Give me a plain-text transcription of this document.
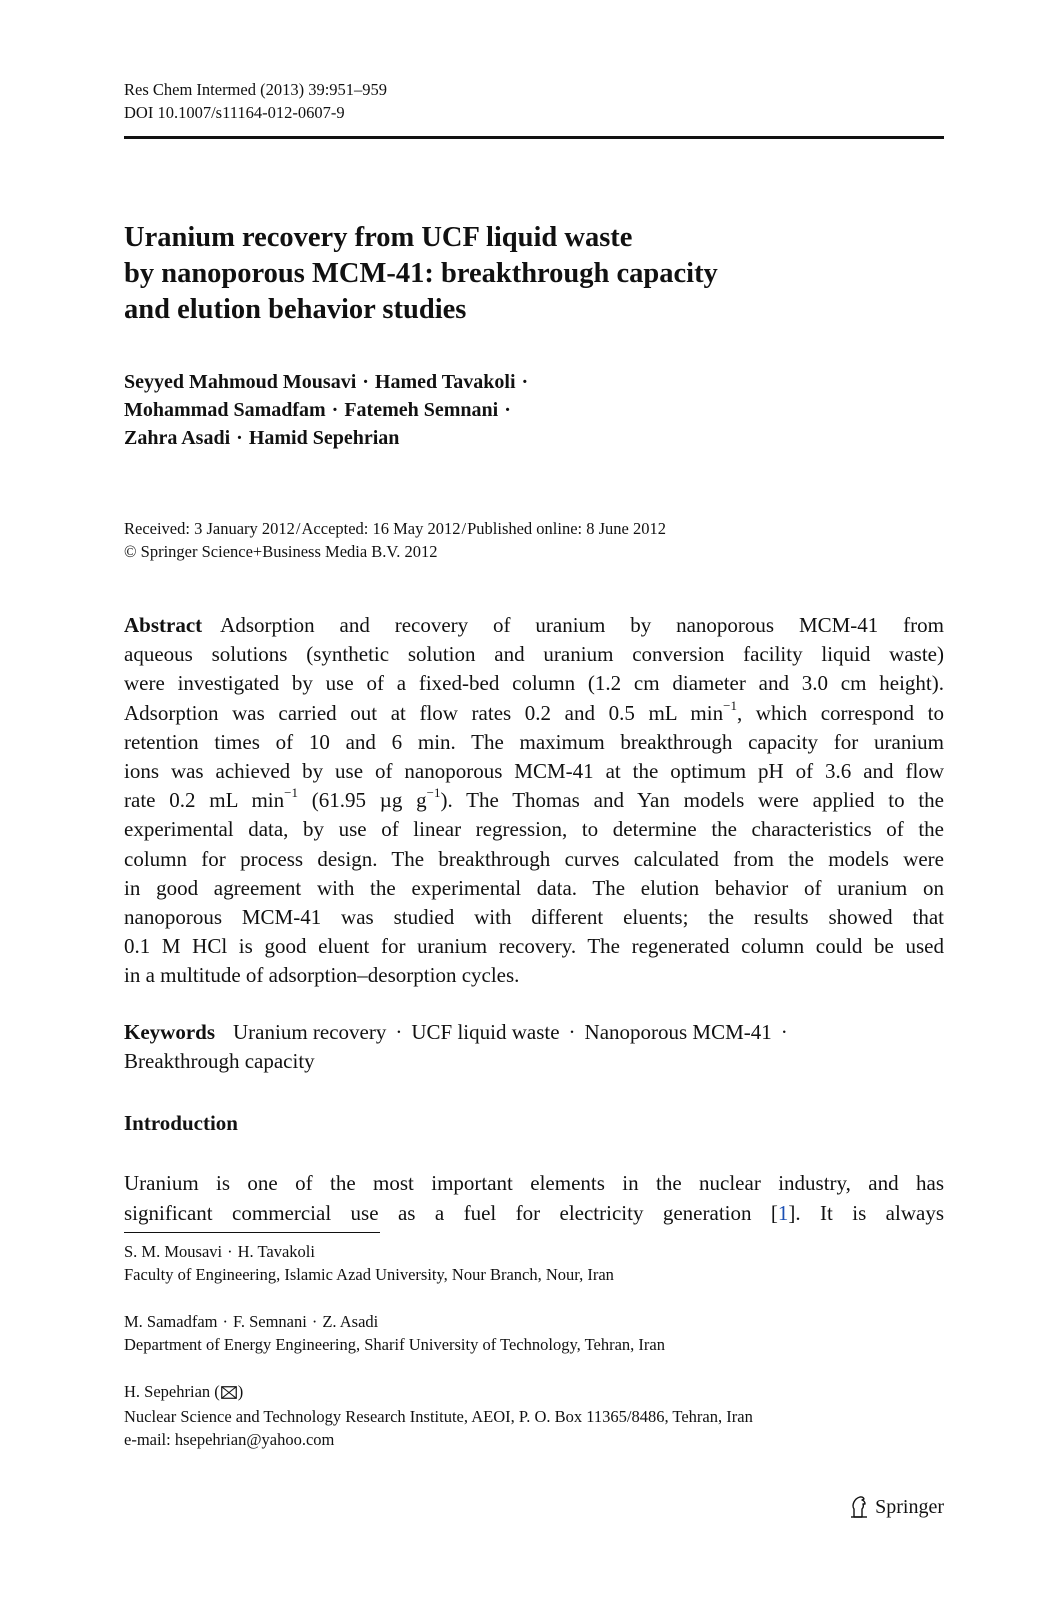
Res Chem Intermed (2013) 39:951–959
DOI 10.1007/s11164-012-0607-9
Uranium recovery from UCF liquid waste
by nanoporous MCM-41: breakthrough capacity
and elution behavior studies
Seyyed Mahmoud Mousavi · Hamed Tavakoli ·
Mohammad Samadfam · Fatemeh Semnani ·
Zahra Asadi · Hamid Sepehrian
Received: 3 January 2012/Accepted: 16 May 2012/Published online: 8 June 2012
© Springer Science+Business Media B.V. 2012
Abstract Adsorption and recovery of uranium by nanoporous MCM-41 from
aqueous solutions (synthetic solution and uranium conversion facility liquid waste)
were investigated by use of a fixed-bed column (1.2 cm diameter and 3.0 cm height).
Adsorption was carried out at flow rates 0.2 and 0.5 mL $\min^{-1}$, which correspond to
retention times of 10 and 6 min. The maximum breakthrough capacity for uranium
ions was achieved by use of nanoporous MCM-41 at the optimum pH of 3.6 and flow
rate 0.2 mL $\min^{-1} (61.95$ µg $g^{-1}$). The Thomas and Yan models were applied to the
experimental data, by use of linear regression, to determine the characteristics of the
column for process design. The breakthrough curves calculated from the models were
in good agreement with the experimental data. The elution behavior of uranium on
nanoporous MCM-41 was studied with different eluents; the results showed that
0.1 M HCl is good eluent for uranium recovery. The regenerated column could be used
in a multitude of adsorption–desorption cycles.
Keywords Uranium recovery · UCF liquid waste · Nanoporous MCM-41 ·
Breakthrough capacity
Introduction
Uranium is one of the most important elements in the nuclear industry, and has
significant commercial use as a fuel for electricity generation [1]. It is always
S. M. Mousavi · H. Tavakoli
Faculty of Engineering, Islamic Azad University, Nour Branch, Nour, Iran
M. Samadfam · F. Semnani · Z. Asadi
Department of Energy Engineering, Sharif University of Technology, Tehran, Iran
H. Sepehrian ( )
Nuclear Science and Technology Research Institute, AEOI, P. O. Box 11365/8486, Tehran, Iran
e-mail: hsepehrian@yahoo.com
Springer
